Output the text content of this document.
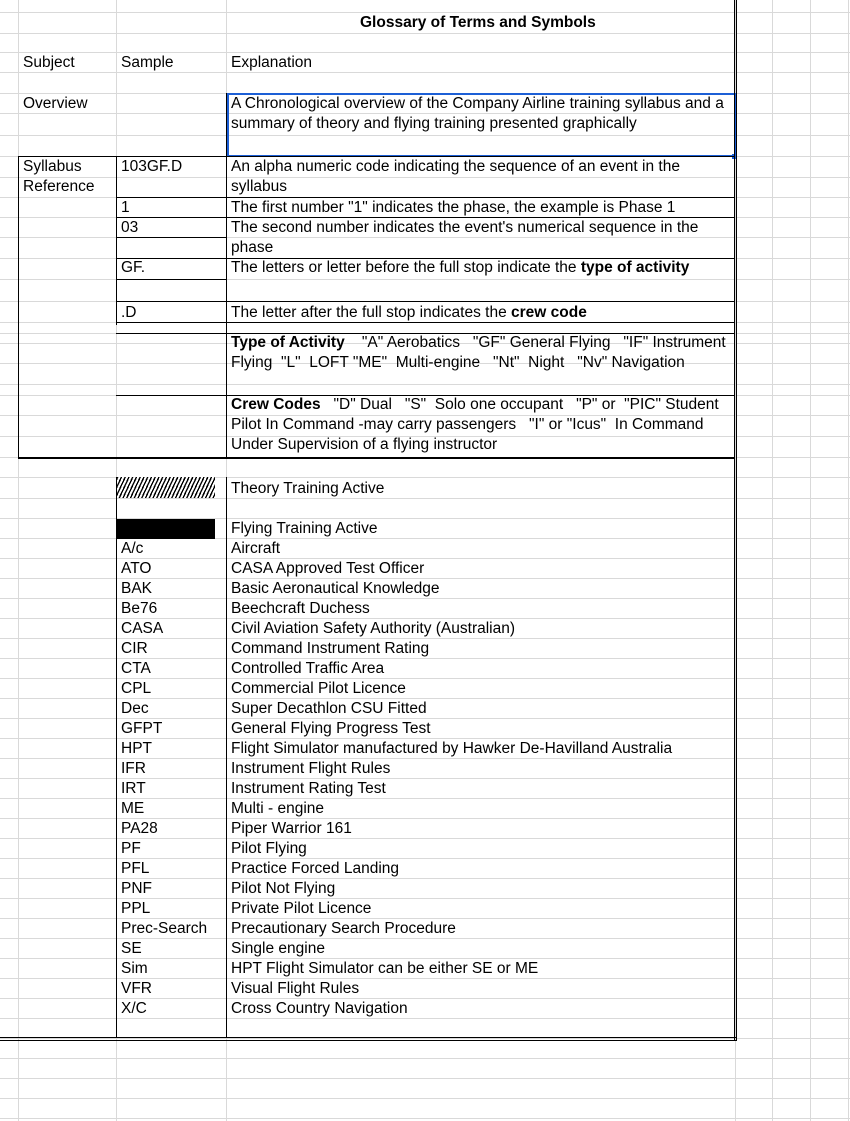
Glossary of Terms and Symbols
Subject	Sample	Explanation
Overview	A Chronological overview of the Company Airline training syllabus and a summary of theory and flying training presented graphically
Syllabus Reference
103GF.D	An alpha numeric code indicating the sequence of an event in the syllabus
1	The first number "1" indicates the phase, the example is Phase 1
03	The second number indicates the event's numerical sequence in the phase
GF.	The letters or letter before the full stop indicate the type of activity
.D	The letter after the full stop indicates the crew code
Type of Activity "A" Aerobatics   "GF" General Flying   "IF" Instrument Flying  "L"  LOFT "ME"  Multi-engine   "Nt"  Night   "Nv" Navigation
Crew Codes "D" Dual   "S"  Solo one occupant   "P" or  "PIC" Student Pilot In Command -may carry passengers   "I" or "Icus"  In Command Under Supervision of a flying instructor
Theory Training Active
Flying Training Active
A/c	Aircraft
ATO	CASA Approved Test Officer
BAK	Basic Aeronautical Knowledge
Be76	Beechcraft Duchess
CASA	Civil Aviation Safety Authority (Australian)
CIR	Command Instrument Rating
CTA	Controlled Traffic Area
CPL	Commercial Pilot Licence
Dec	Super Decathlon CSU Fitted
GFPT	General Flying Progress Test
HPT	Flight Simulator manufactured by Hawker De-Havilland Australia
IFR	Instrument Flight Rules
IRT	Instrument Rating Test
ME	Multi - engine
PA28	Piper Warrior 161
PF	Pilot Flying
PFL	Practice Forced Landing
PNF	Pilot Not Flying
PPL	Private Pilot Licence
Prec-Search Precautionary Search Procedure
SE	Single engine
Sim	HPT Flight Simulator can be either SE or ME
VFR	Visual Flight Rules
X/C	Cross Country Navigation
